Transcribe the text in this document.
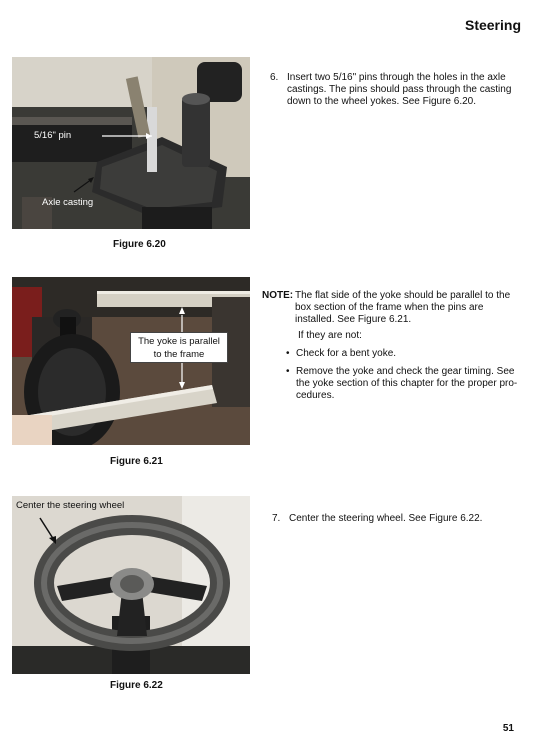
Steering
5/16" pin
Axle casting
Figure 6.20
6. Insert two 5/16" pins through the holes in the axle
castings. The pins should pass through the casting
down to the wheel yokes. See Figure 6.20.
The yoke is parallel
to the frame
Figure 6.21
NOTE: The flat side of the yoke should be parallel to the
box section of the frame when the pins are
installed. See Figure 6.21.
If they are not:
• Check for a bent yoke.
• Remove the yoke and check the gear timing. See
the yoke section of this chapter for the proper pro-
cedures.
Center the steering wheel
Figure 6.22
7. Center the steering wheel. See Figure 6.22.
51
